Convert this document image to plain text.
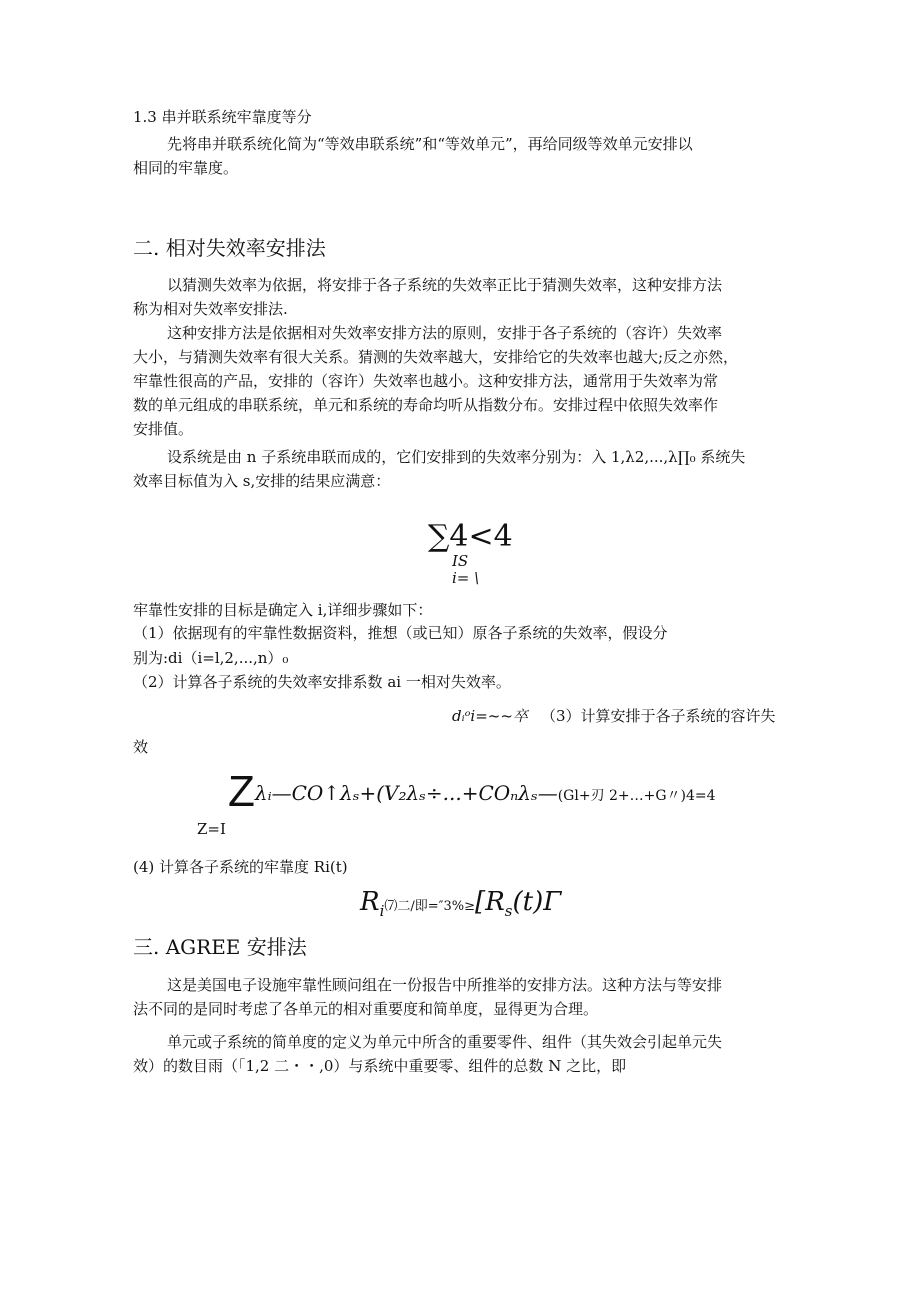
1.3 串并联系统牢靠度等分
先将串并联系统化简为“等效串联系统”和“等效单元”，再给同级等效单元安排以
相同的牢靠度。
二. 相对失效率安排法
以猜测失效率为依据，将安排于各子系统的失效率正比于猜测失效率，这种安排方法
称为相对失效率安排法.
这种安排方法是依据相对失效率安排方法的原则，安排于各子系统的（容许）失效率
大小，与猜测失效率有很大关系。猜测的失效率越大，安排给它的失效率也越大;反之亦然，
牢靠性很高的产品，安排的（容许）失效率也越小。这种安排方法，通常用于失效率为常
数的单元组成的串联系统，单元和系统的寿命均听从指数分布。安排过程中依照失效率作
安排值。
设系统是由 n 子系统串联而成的，它们安排到的失效率分别为：入 1,λ2,...,λ∏₀ 系统失
效率目标值为入 s,安排的结果应满意：
∑4<4
IS
i= \
牢靠性安排的目标是确定入 i,详细步骤如下：
（1）依据现有的牢靠性数据资料，推想（或已知）原各子系统的失效率，假设分
别为:di（i=l,2,...,n）₀
（2）计算各子系统的失效率安排系数 ai 一相对失效率。
dᵢᵒi=~~卒 （3）计算安排于各子系统的容许失
效
Zλᵢ—CO↑λₛ+(V₂λₛ÷...+COₙλₛ—(Gl+刃 2+…+G〃)4=4
Z=I
(4) 计算各子系统的牢靠度 Ri(t)
$R_i⑺$二/即$=''3\%\ge[R_s(t)\Gamma$
三. AGREE 安排法
这是美国电子设施牢靠性顾问组在一份报告中所推举的安排方法。这种方法与等安排
法不同的是同时考虑了各单元的相对重要度和简单度，显得更为合理。
单元或子系统的简单度的定义为单元中所含的重要零件、组件（其失效会引起单元失
效）的数目雨（「1,2 二・・,0）与系统中重要零、组件的总数 N 之比，即
